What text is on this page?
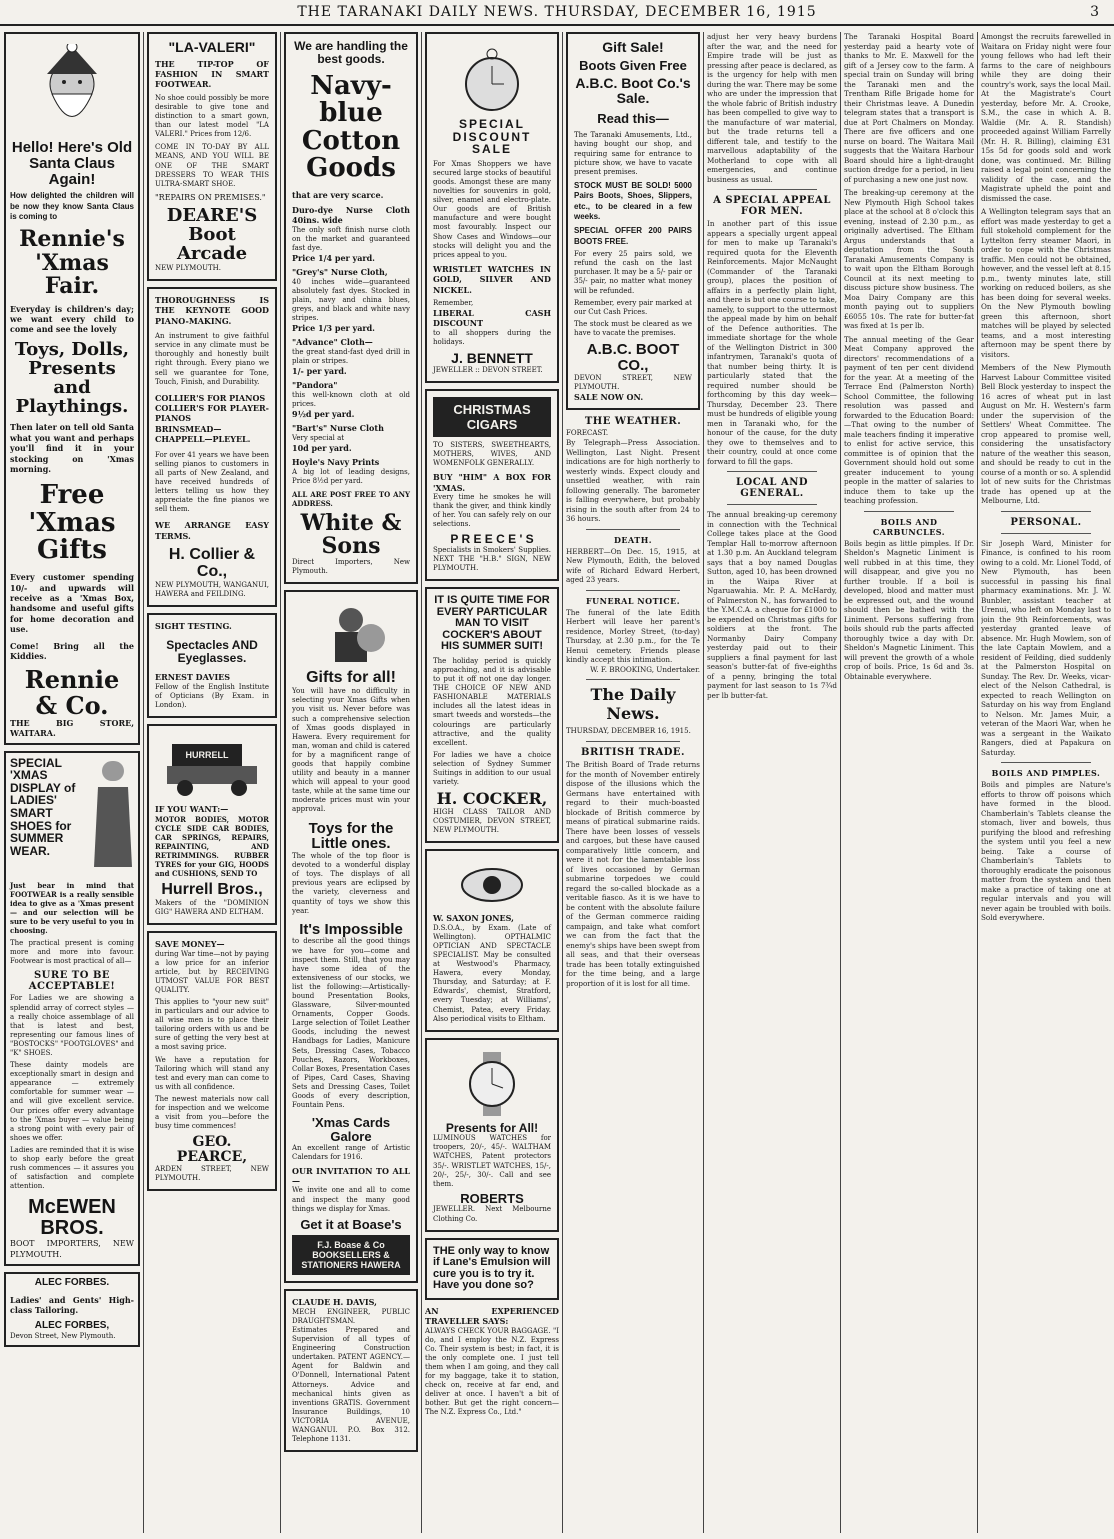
THE TARANAKI DAILY NEWS. THURSDAY, DECEMBER 16, 1915	3
Hello! Here's Old Santa Claus Again!
How delighted the children will be now they know Santa Claus is coming to
Rennie's 'Xmas Fair.
Everyday is children's day; we want every child to come and see the lovely
Toys, Dolls, Presents and Playthings.
Then later on tell old Santa what you want and perhaps you'll find it in your stocking on 'Xmas morning.
Free 'Xmas Gifts
Every customer spending 10/- and upwards will receive as a 'Xmas Box, handsome and useful gifts for home decoration and use.
Come! Bring all the Kiddies.
Rennie & Co.
THE BIG STORE, WAITARA.
SPECIAL 'XMAS DISPLAY of LADIES' SMART SHOES for SUMMER WEAR.
Just bear in mind that FOOTWEAR is a really sensible idea to give as a 'Xmas present — and our selection will be sure to be very useful to you in choosing.
The practical present is coming more and more into favour. Footwear is most practical of all—
SURE TO BE ACCEPTABLE!
For Ladies we are showing a splendid array of correct styles — a really choice assemblage of all that is latest and best, representing our famous lines of "BOSTOCKS" "FOOTGLOVES" and "K" SHOES.
These dainty models are exceptionally smart in design and appearance — extremely comfortable for summer wear — and will give excellent service. Our prices offer every advantage to the 'Xmas buyer — value being a strong point with every pair of shoes we offer.
Ladies are reminded that it is wise to shop early before the great rush commences — it assures you of satisfaction and complete attention.
McEWEN BROS.
BOOT IMPORTERS, NEW PLYMOUTH.
ALEC FORBES.
Ladies' and Gents' High-class Tailoring.
ALEC FORBES,
Devon Street, New Plymouth.
"LA-VALERI"
THE TIP-TOP OF FASHION IN SMART FOOTWEAR.
No shoe could possibly be more desirable to give tone and distinction to a smart gown, than our latest model "LA VALERI." Prices from 12/6.
COME IN TO-DAY BY ALL MEANS, AND YOU WILL BE ONE OF THE SMART DRESSERS TO WEAR THIS ULTRA-SMART SHOE.
"REPAIRS ON PREMISES."
DEARE'S Boot Arcade
NEW PLYMOUTH.
THOROUGHNESS IS THE KEYNOTE GOOD PIANO-MAKING.
An instrument to give faithful service in any climate must be thoroughly and honestly built right through. Every piano we sell we guarantee for Tone, Touch, Finish, and Durability.
COLLIER'S FOR PIANOS
COLLIER'S FOR PLAYER-PIANOS
BRINSMEAD—CHAPPELL—PLEYEL.
For over 41 years we have been selling pianos to customers in all parts of New Zealand, and have received hundreds of letters telling us how they appreciate the fine pianos we sell them.
WE ARRANGE EASY TERMS.
H. Collier & Co.,
NEW PLYMOUTH, WANGANUI, HAWERA and FEILDING.
SIGHT TESTING.
Spectacles AND Eyeglasses.
ERNEST DAVIES
Fellow of the English Institute of Opticians (By Exam. in London).
HURRELL
IF YOU WANT:—
MOTOR BODIES, MOTOR CYCLE SIDE CAR BODIES, CAR SPRINGS, REPAIRS, REPAINTING, AND RETRIMMINGS. RUBBER TYRES for your GIG, HOODS and CUSHIONS, SEND TO
Hurrell Bros.,
Makers of the "DOMINION GIG" HAWERA AND ELTHAM.
SAVE MONEY—
during War time—not by paying a low price for an inferior article, but by RECEIVING UTMOST VALUE FOR BEST QUALITY.
This applies to "your new suit" in particulars and our advice to all wise men is to place their tailoring orders with us and be sure of getting the very best at a most saving price.
We have a reputation for Tailoring which will stand any test and every man can come to us with all confidence.
The newest materials now call for inspection and we welcome a visit from you—before the busy time commences!
GEO. PEARCE,
ARDEN STREET, NEW PLYMOUTH.
We are handling the best goods.
Navy-blue Cotton Goods
that are very scarce.
Duro-dye Nurse Cloth 40ins. wide
The only soft finish nurse cloth on the market and guaranteed fast dye.
Price 1/4 per yard.
"Grey's" Nurse Cloth,
40 inches wide—guaranteed absolutely fast dyes. Stocked in plain, navy and china blues, greys, and black and white navy stripes.
Price 1/3 per yard.
"Advance" Cloth—
the great stand-fast dyed drill in plain or stripes.
1/- per yard.
"Pandora"
this well-known cloth at old prices.
9½d per yard.
"Bart's" Nurse Cloth
Very special at
10d per yard.
Hoyle's Navy Prints
A big lot of leading designs, Price 8½d per yard.
ALL ARE POST FREE TO ANY ADDRESS.
White & Sons
Direct Importers, New Plymouth.
Gifts for all!
You will have no difficulty in selecting your Xmas Gifts when you visit us. Never before was such a comprehensive selection of Xmas goods displayed in Hawera. Every requirement for man, woman and child is catered for by a magnificent range of goods that happily combine utility and beauty in a manner which will appeal to your good taste, while at the same time our moderate prices must win your approval.
Toys for the Little ones.
The whole of the top floor is devoted to a wonderful display of toys. The displays of all previous years are eclipsed by the variety, cleverness and quantity of toys we show this year.
It's Impossible
to describe all the good things we have for you—come and inspect them. Still, that you may have some idea of the extensiveness of our stocks, we list the following:—Artistically-bound Presentation Books, Glassware, Silver-mounted Ornaments, Copper Goods. Large selection of Toilet Leather Goods, including the newest Handbags for Ladies, Manicure Sets, Dressing Cases, Tobacco Pouches, Razors, Workboxes, Collar Boxes, Presentation Cases of Pipes, Card Cases, Shaving Sets and Dressing Cases, Toilet Goods of every description, Fountain Pens.
'Xmas Cards Galore
An excellent range of Artistic Calendars for 1916.
OUR INVITATION TO ALL—
We invite one and all to come and inspect the many good things we display for Xmas.
Get it at Boase's
F.J. Boase & Co BOOKSELLERS & STATIONERS HAWERA
CLAUDE H. DAVIS,
MECH ENGINEER, PUBLIC DRAUGHTSMAN.
Estimates Prepared and Supervision of all types of Engineering Construction undertaken. PATENT AGENCY.—Agent for Baldwin and O'Donnell, International Patent Attorneys. Advice and mechanical hints given as inventions GRATIS. Government Insurance Buildings, 10 VICTORIA AVENUE, WANGANUI. P.O. Box 312. Telephone 1131.
SPECIAL DISCOUNT SALE
For Xmas Shoppers we have secured large stocks of beautiful goods. Amongst these are many novelties for souvenirs in gold, silver, enamel and electro-plate. Our goods are of British manufacture and were bought most favourably. Inspect our Show Cases and Windows—our stocks will delight you and the prices appeal to you.
WRISTLET WATCHES IN GOLD, SILVER AND NICKEL.
Remember,
LIBERAL CASH DISCOUNT
to all shoppers during the holidays.
J. BENNETT
JEWELLER :: DEVON STREET.
CHRISTMAS CIGARS
TO SISTERS, SWEETHEARTS, MOTHERS, WIVES, AND WOMENFOLK GENERALLY.
BUY "HIM" A BOX FOR 'XMAS.
Every time he smokes he will thank the giver, and think kindly of her. You can safely rely on our selections.
P R E E C E ' S
Specialists in Smokers' Supplies. NEXT THE "H.B." SIGN, NEW PLYMOUTH.
IT IS QUITE TIME FOR EVERY PARTICULAR MAN TO VISIT COCKER'S ABOUT HIS SUMMER SUIT!
The holiday period is quickly approaching, and it is advisable to put it off not one day longer. THE CHOICE OF NEW AND FASHIONABLE MATERIALS includes all the latest ideas in smart tweeds and worsteds—the colourings are particularly attractive, and the quality excellent.
For ladies we have a choice selection of Sydney Summer Suitings in addition to our usual variety.
H. COCKER,
HIGH CLASS TAILOR AND COSTUMIER, DEVON STREET, NEW PLYMOUTH.
W. SAXON JONES,
D.S.O.A., by Exam. (Late of Wellington). OPTHALMIC OPTICIAN AND SPECTACLE SPECIALIST. May be consulted at Westwood's Pharmacy, Hawera, every Monday, Thursday, and Saturday; at F. Edwards', chemist, Stratford, every Tuesday; at Williams', Chemist, Patea, every Friday. Also periodical visits to Eltham.
Presents for All!
LUMINOUS WATCHES for troopers, 20/-, 45/-. WALTHAM WATCHES, Patent protectors 35/-. WRISTLET WATCHES, 15/-, 20/-, 25/-, 30/-. Call and see them.
ROBERTS
JEWELLER. Next Melbourne Clothing Co.
THE only way to know if Lane's Emulsion will cure you is to try it. Have you done so?
AN EXPERIENCED TRAVELLER SAYS:
ALWAYS CHECK YOUR BAGGAGE. "I do, and I employ the N.Z. Express Co. Their system is best; in fact, it is the only complete one. I just tell them when I am going, and they call for my baggage, take it to station, check on, receive at far end, and deliver at once. I haven't a bit of bother. But get the right concern—The N.Z. Express Co., Ltd."
Gift Sale!
Boots Given Free
A.B.C. Boot Co.'s Sale.
Read this—
The Taranaki Amusements, Ltd., having bought our shop, and requiring same for entrance to picture show, we have to vacate present premises.
STOCK MUST BE SOLD! 5000 Pairs Boots, Shoes, Slippers, etc., to be cleared in a few weeks.
SPECIAL OFFER 200 PAIRS BOOTS FREE.
For every 25 pairs sold, we refund the cash on the last purchaser. It may be a 5/- pair or 35/- pair, no matter what money will be refunded.
Remember, every pair marked at our Cut Cash Prices.
The stock must be cleared as we have to vacate the premises.
A.B.C. BOOT CO.,
DEVON STREET, NEW PLYMOUTH.
SALE NOW ON.
THE WEATHER.
FORECAST.
By Telegraph—Press Association. Wellington, Last Night. Present indications are for high northerly to westerly winds. Expect cloudy and unsettled weather, with rain following generally. The barometer is falling everywhere, but probably rising in the south after from 24 to 36 hours.
DEATH.
HERBERT—On Dec. 15, 1915, at New Plymouth, Edith, the beloved wife of Richard Edward Herbert, aged 23 years.
FUNERAL NOTICE.
The funeral of the late Edith Herbert will leave her parent's residence, Morley Street, (to-day) Thursday, at 2.30 p.m., for the Te Henui cemetery. Friends please kindly accept this intimation.
W. F. BROOKING, Undertaker.
The Daily News.
THURSDAY, DECEMBER 16, 1915.
BRITISH TRADE.
The British Board of Trade returns for the month of November entirely dispose of the illusions which the Germans have entertained with regard to their much-boasted blockade of British commerce by means of piratical submarine raids. There have been losses of vessels and cargoes, but these have caused comparatively little concern, and were it not for the lamentable loss of lives occasioned by German submarine torpedoes we could regard the so-called blockade as a veritable fiasco. As it is we have to be content with the absolute failure of the German commerce raiding campaign, and take what comfort we can from the fact that the enemy's ships have been swept from all seas, and that their overseas trade has been totally extinguished for the time being, and a large proportion of it is lost for all time.
adjust her very heavy burdens after the war, and the need for Empire trade will be just as pressing after peace is declared, as is the urgency for help with men during the war. There may be some who are under the impression that the whole fabric of British industry has been compelled to give way to the manufacture of war material, but the trade returns tell a different tale, and testify to the marvellous adaptability of the Motherland to cope with all emergencies, and continue business as usual.
A SPECIAL APPEAL FOR MEN.
In another part of this issue appears a specially urgent appeal for men to make up Taranaki's required quota for the Eleventh Reinforcements. Major McNaught (Commander of the Taranaki group), places the position of affairs in a perfectly plain light, and there is but one course to take, namely, to support to the uttermost the appeal made by him on behalf of the Defence authorities. The immediate shortage for the whole of the Wellington District in 300 infantrymen, Taranaki's quota of that number being thirty. It is particularly stated that the required number should be forthcoming by this day week—Thursday, December 23. There must be hundreds of eligible young men in Taranaki who, for the honour of the cause, for the duty they owe to themselves and to their country, could at once come forward to fill the gaps.
LOCAL AND GENERAL.
The annual breaking-up ceremony in connection with the Technical College takes place at the Good Templar Hall to-morrow afternoon at 1.30 p.m. An Auckland telegram says that a boy named Douglas Sutton, aged 10, has been drowned in the Waipa River at Ngaruawahia. Mr. P. A. McHardy, of Palmerston N., has forwarded to the Y.M.C.A. a cheque for £1000 to be expended on Christmas gifts for soldiers at the front. The Normanby Dairy Company yesterday paid out to their suppliers a final payment for last season's butter-fat of five-eighths of a penny, bringing the total payment for last season to 1s 7¾d per lb butter-fat.
The Taranaki Hospital Board yesterday paid a hearty vote of thanks to Mr. E. Maxwell for the gift of a Jersey cow to the farm. A special train on Sunday will bring the Taranaki men and the Trentham Rifle Brigade home for their Christmas leave. A Dunedin telegram states that a transport is due at Port Chalmers on Monday. There are five officers and one nurse on board. The Waitara Mail suggests that the Waitara Harbour Board should hire a light-draught suction dredge for a period, in lieu of purchasing a new one just now.
The breaking-up ceremony at the New Plymouth High School takes place at the school at 8 o'clock this evening, instead of 2.30 p.m., as originally advertised. The Eltham Argus understands that a deputation from the South Taranaki Amusements Company is to wait upon the Eltham Borough Council at its next meeting to discuss picture show business. The Moa Dairy Company are this month paying out to suppliers £6055 10s. The rate for butter-fat was fixed at 1s per lb.
The annual meeting of the Gear Meat Company approved the directors' recommendations of a payment of ten per cent dividend for the year. At a meeting of the Terrace End (Palmerston North) School Committee, the following resolution was passed and forwarded to the Education Board:—That owing to the number of male teachers finding it imperative to enlist for active service, this committee is of opinion that the Government should hold out some greater inducement to young people in the matter of salaries to induce them to take up the teaching profession.
BOILS AND CARBUNCLES.
Boils begin as little pimples. If Dr. Sheldon's Magnetic Liniment is well rubbed in at this time, they will disappear, and give you no further trouble. If a boil is developed, blood and matter must be expressed out, and the wound should then be bathed with the Liniment. Persons suffering from boils should rub the parts affected thoroughly twice a day with Dr. Sheldon's Magnetic Liniment. This will prevent the growth of a whole crop of boils. Price, 1s 6d and 3s. Obtainable everywhere.
Amongst the recruits farewelled in Waitara on Friday night were four young fellows who had left their farms to the care of neighbours while they are doing their country's work, says the local Mail. At the Magistrate's Court yesterday, before Mr. A. Crooke, S.M., the case in which A. B. Waldie (Mr. A. R. Standish) proceeded against William Farrelly (Mr. H. R. Billing), claiming £31 15s 5d for goods sold and work done, was continued. Mr. Billing raised a legal point concerning the validity of the case, and the Magistrate upheld the point and dismissed the case.
A Wellington telegram says that an effort was made yesterday to get a full stokehold complement for the Lyttelton ferry steamer Maori, in order to cope with the Christmas traffic. Men could not be obtained, however, and the vessel left at 8.15 p.m., twenty minutes late, still working on reduced boilers, as she has been doing for several weeks. On the New Plymouth bowling green this afternoon, short matches will be played by selected teams, and a most interesting afternoon may be spent there by visitors.
Members of the New Plymouth Harvest Labour Committee visited Bell Block yesterday to inspect the 16 acres of wheat put in last August on Mr. H. Western's farm under the supervision of the Settlers' Wheat Committee. The crop appeared to promise well, considering the unsatisfactory nature of the weather this season, and should be ready to cut in the course of a month or so. A splendid lot of new suits for the Christmas trade has opened up at the Melbourne, Ltd.
PERSONAL.
Sir Joseph Ward, Minister for Finance, is confined to his room owing to a cold. Mr. Lionel Todd, of New Plymouth, has been successful in passing his final pharmacy examinations. Mr. J. W. Bunbler, assistant teacher at Urenui, who left on Monday last to join the 9th Reinforcements, was yesterday granted leave of absence. Mr. Hugh Mowlem, son of the late Captain Mowlem, and a resident of Feilding, died suddenly at the Palmerston Hospital on Sunday. The Rev. Dr. Weeks, vicar-elect of the Nelson Cathedral, is expected to reach Wellington on Saturday on his way from England to Nelson. Mr. James Muir, a veteran of the Maori War, when he was a sergeant in the Waikato Rangers, died at Papakura on Saturday.
BOILS AND PIMPLES.
Boils and pimples are Nature's efforts to throw off poisons which have formed in the blood. Chamberlain's Tablets cleanse the stomach, liver and bowels, thus purifying the blood and refreshing the system until you feel a new being. Take a course of Chamberlain's Tablets to thoroughly eradicate the poisonous matter from the system and then make a practice of taking one at regular intervals and you will never again be troubled with boils. Sold everywhere.
